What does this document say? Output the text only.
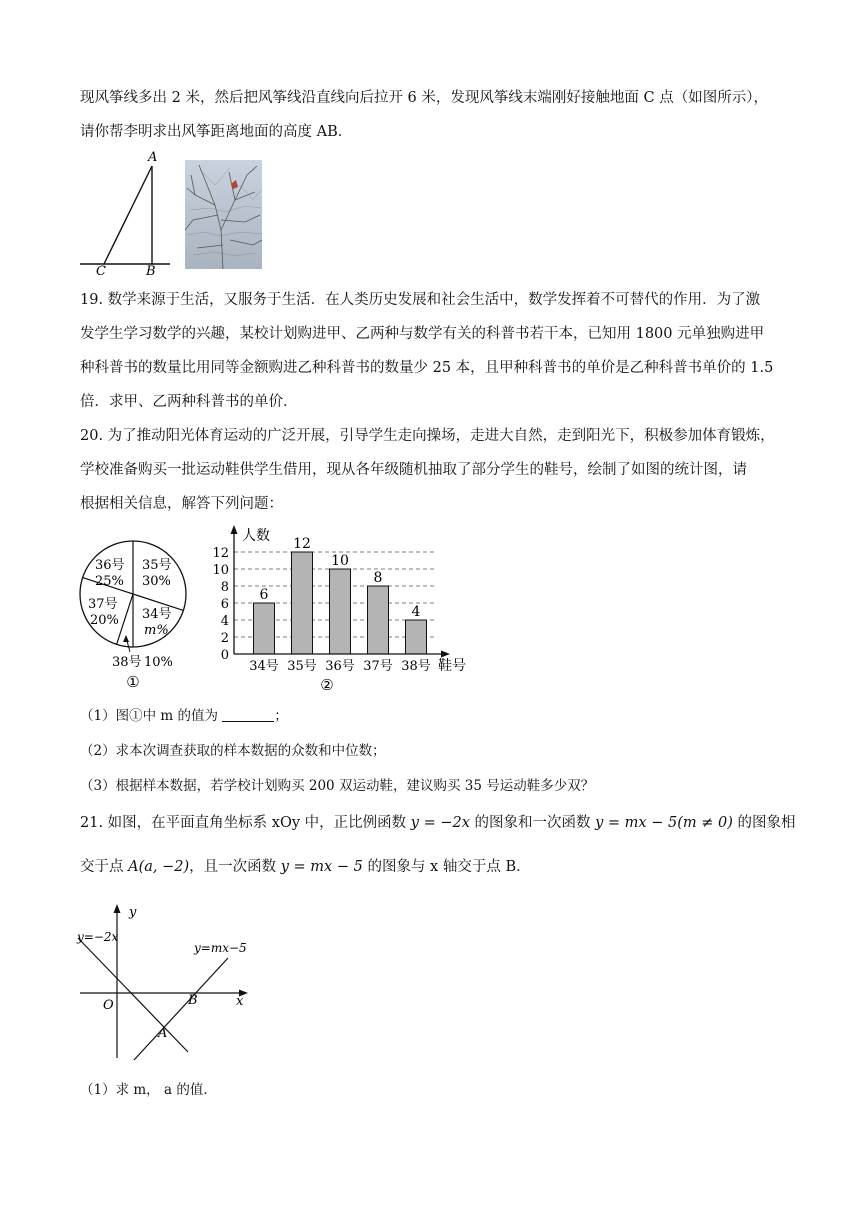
现风筝线多出 2 米，然后把风筝线沿直线向后拉开 6 米，发现风筝线末端刚好接触地面 C 点（如图所示），
请你帮李明求出风筝距离地面的高度 AB．
A
B
C
19. 数学来源于生活，又服务于生活．在人类历史发展和社会生活中，数学发挥着不可替代的作用．为了激
发学生学习数学的兴趣，某校计划购进甲、乙两种与数学有关的科普书若干本，已知用 1800 元单独购进甲
种科普书的数量比用同等金额购进乙种科普书的数量少 25 本，且甲种科普书的单价是乙种科普书单价的 1.5
倍．求甲、乙两种科普书的单价．
20. 为了推动阳光体育运动的广泛开展，引导学生走向操场，走进大自然，走到阳光下，积极参加体育锻炼，
学校准备购买一批运动鞋供学生借用，现从各年级随机抽取了部分学生的鞋号，绘制了如图的统计图，请
根据相关信息，解答下列问题：
35号
30%
36号
25%
37号
20% 34号
m%
38号 10%
①
0
2
4
6
8
10
12
6
34号
12
35号
10
36号
8
37号
4
38号
人数
鞋号
②
（1）图①中 m 的值为	；
（2）求本次调查获取的样本数据的众数和中位数；
（3）根据样本数据，若学校计划购买 200 双运动鞋，建议购买 35 号运动鞋多少双？
21. 如图，在平面直角坐标系 xOy 中，正比例函数 y = −2x 的图象和一次函数 y = mx − 5(m ≠ 0) 的图象相
交于点 A(a, −2)，且一次函数 y = mx − 5 的图象与 x 轴交于点 B．
y
x
O
A
B
y=−2x
y=mx−5
（1）求 m， a 的值．
